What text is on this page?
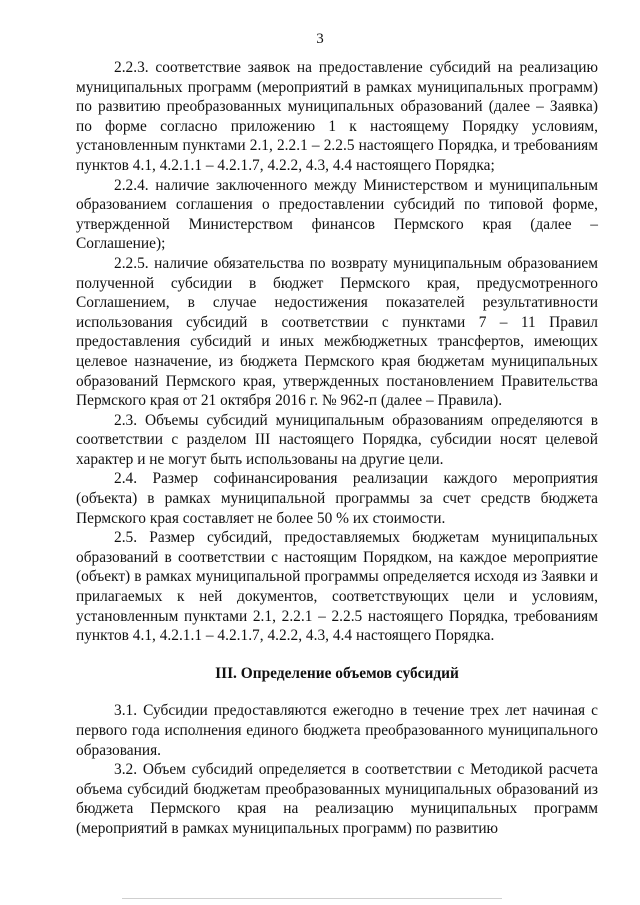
3

2.2.3. соответствие заявок на предоставление субсидий на реализацию муниципальных программ (мероприятий в рамках муниципальных программ) по развитию преобразованных муниципальных образований (далее – Заявка) по форме согласно приложению 1 к настоящему Порядку условиям, установленным пунктами 2.1, 2.2.1 – 2.2.5 настоящего Порядка, и требованиям пунктов 4.1, 4.2.1.1 – 4.2.1.7, 4.2.2, 4.3, 4.4 настоящего Порядка;

2.2.4. наличие заключенного между Министерством и муниципальным образованием соглашения о предоставлении субсидий по типовой форме, утвержденной Министерством финансов Пермского края (далее – Соглашение);

2.2.5. наличие обязательства по возврату муниципальным образованием полученной субсидии в бюджет Пермского края, предусмотренного Соглашением, в случае недостижения показателей результативности использования субсидий в соответствии с пунктами 7 – 11 Правил предоставления субсидий и иных межбюджетных трансфертов, имеющих целевое назначение, из бюджета Пермского края бюджетам муниципальных образований Пермского края, утвержденных постановлением Правительства Пермского края от 21 октября 2016 г. № 962-п (далее – Правила).

2.3. Объемы субсидий муниципальным образованиям определяются в соответствии с разделом III настоящего Порядка, субсидии носят целевой характер и не могут быть использованы на другие цели.

2.4. Размер софинансирования реализации каждого мероприятия (объекта) в рамках муниципальной программы за счет средств бюджета Пермского края составляет не более 50 % их стоимости.

2.5. Размер субсидий, предоставляемых бюджетам муниципальных образований в соответствии с настоящим Порядком, на каждое мероприятие (объект) в рамках муниципальной программы определяется исходя из Заявки и прилагаемых к ней документов, соответствующих цели и условиям, установленным пунктами 2.1, 2.2.1 – 2.2.5 настоящего Порядка, требованиям пунктов 4.1, 4.2.1.1 – 4.2.1.7, 4.2.2, 4.3, 4.4 настоящего Порядка.

III. Определение объемов субсидий

3.1. Субсидии предоставляются ежегодно в течение трех лет начиная с первого года исполнения единого бюджета преобразованного муниципального образования.

3.2. Объем субсидий определяется в соответствии с Методикой расчета объема субсидий бюджетам преобразованных муниципальных образований из бюджета Пермского края на реализацию муниципальных программ (мероприятий в рамках муниципальных программ) по развитию
